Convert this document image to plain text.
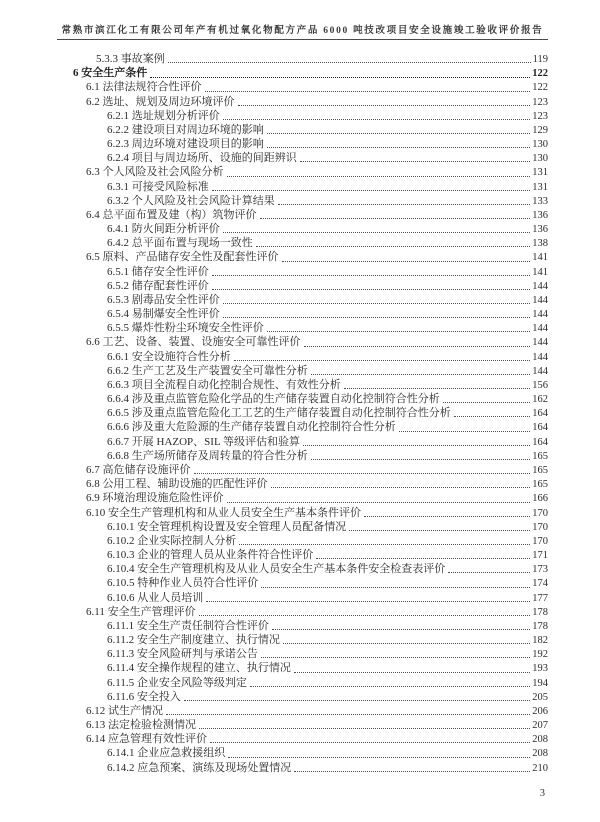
常熟市滨江化工有限公司年产有机过氧化物配方产品 6000 吨技改项目安全设施竣工验收评价报告
5.3.3 事故案例	119
6 安全生产条件	122
6.1 法律法规符合性评价	122
6.2 选址、规划及周边环境评价	123
6.2.1 选址规划分析评价	123
6.2.2 建设项目对周边环境的影响	129
6.2.3 周边环境对建设项目的影响	130
6.2.4 项目与周边场所、设施的间距辨识	130
6.3 个人风险及社会风险分析	131
6.3.1 可接受风险标准	131
6.3.2 个人风险及社会风险计算结果	133
6.4 总平面布置及建（构）筑物评价	136
6.4.1 防火间距分析评价	136
6.4.2 总平面布置与现场一致性	138
6.5 原料、产品储存安全性及配套性评价	141
6.5.1 储存安全性评价	141
6.5.2 储存配套性评价	144
6.5.3 剧毒品安全性评价	144
6.5.4 易制爆安全性评价	144
6.5.5 爆炸性粉尘环境安全性评价	144
6.6 工艺、设备、装置、设施安全可靠性评价	144
6.6.1 安全设施符合性分析	144
6.6.2 生产工艺及生产装置安全可靠性分析	144
6.6.3 项目全流程自动化控制合规性、有效性分析	156
6.6.4 涉及重点监管危险化学品的生产储存装置自动化控制符合性分析	162
6.6.5 涉及重点监管危险化工工艺的生产储存装置自动化控制符合性分析	164
6.6.6 涉及重大危险源的生产储存装置自动化控制符合性分析	164
6.6.7 开展 HAZOP、SIL 等级评估和验算	164
6.6.8 生产场所储存及周转量的符合性分析	165
6.7 高危储存设施评价	165
6.8 公用工程、辅助设施的匹配性评价	165
6.9 环境治理设施危险性评价	166
6.10 安全生产管理机构和从业人员安全生产基本条件评价	170
6.10.1 安全管理机构设置及安全管理人员配备情况	170
6.10.2 企业实际控制人分析	170
6.10.3 企业的管理人员从业条件符合性评价	171
6.10.4 安全生产管理机构及从业人员安全生产基本条件安全检查表评价	173
6.10.5 特种作业人员符合性评价	174
6.10.6 从业人员培训	177
6.11 安全生产管理评价	178
6.11.1 安全生产责任制符合性评价	178
6.11.2 安全生产制度建立、执行情况	182
6.11.3 安全风险研判与承诺公告	192
6.11.4 安全操作规程的建立、执行情况	193
6.11.5 企业安全风险等级判定	194
6.11.6 安全投入	205
6.12 试生产情况	206
6.13 法定检验检测情况	207
6.14 应急管理有效性评价	208
6.14.1 企业应急救援组织	208
6.14.2 应急预案、演练及现场处置情况	210
3
